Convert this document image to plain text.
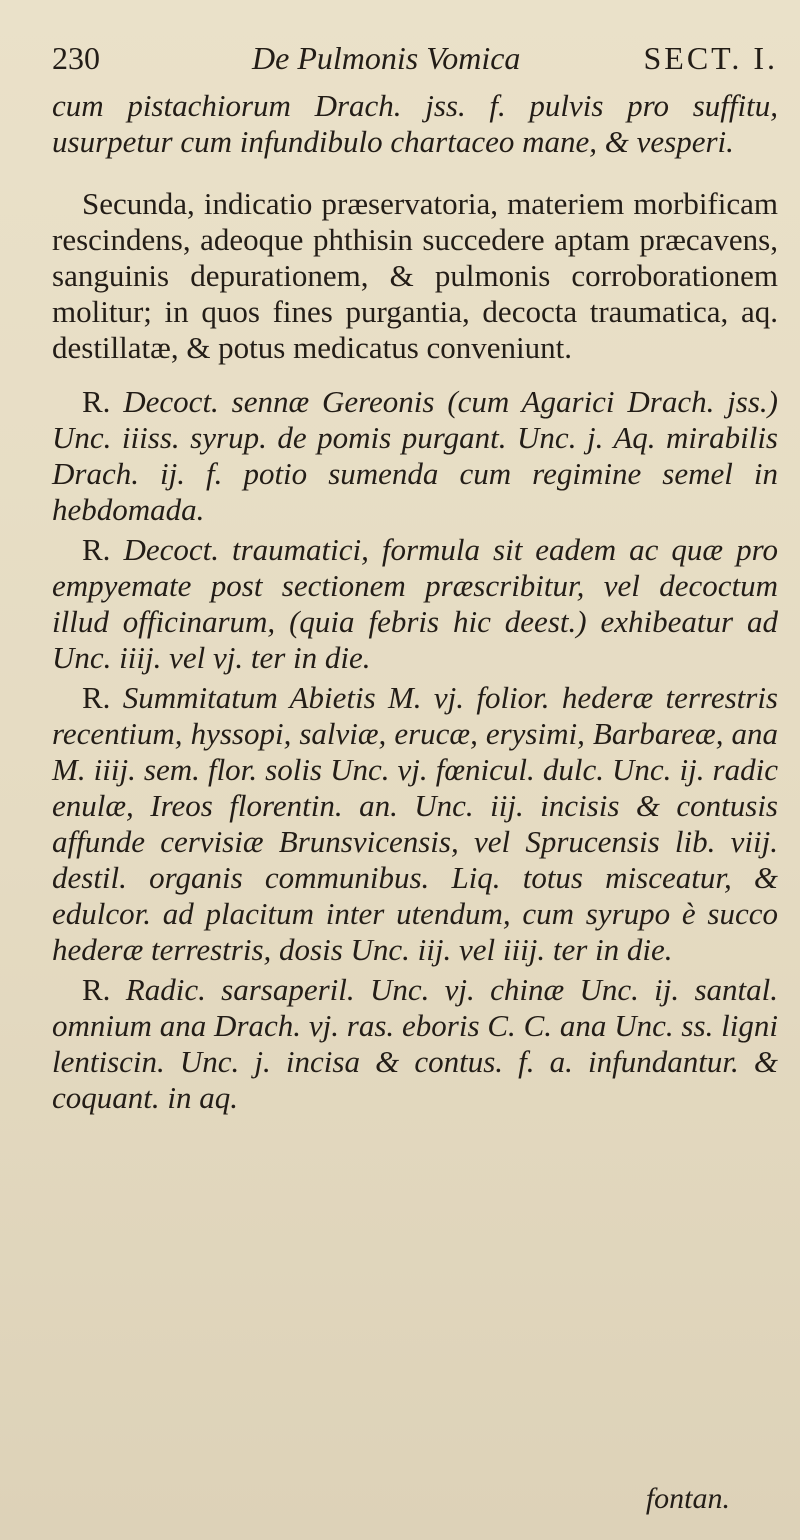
230	De Pulmonis Vomica	SECT. I.

cum pistachiorum Drach. jss. f. pulvis pro suffitu, usurpetur cum infundibulo chartaceo mane, & vesperi.

Secunda, indicatio præservatoria, materiem morbificam rescindens, adeoque phthisin succedere aptam præcavens, sanguinis depurationem, & pulmonis corroborationem molitur; in quos fines purgantia, decocta traumatica, aq. destillatæ, & potus medicatus conveniunt.

R. Decoct. sennæ Gereonis (cum Agarici Drach. jss.) Unc. iiiss. syrup. de pomis purgant. Unc. j. Aq. mirabilis Drach. ij. f. potio sumenda cum regimine semel in hebdomada.

R. Decoct. traumatici, formula sit eadem ac quæ pro empyemate post sectionem præscribitur, vel decoctum illud officinarum, (quia febris hic deest.) exhibeatur ad Unc. iiij. vel vj. ter in die.

R. Summitatum Abietis M. vj. folior. hederæ terrestris recentium, hyssopi, salviæ, erucæ, erysimi, Barbareæ, ana M. iiij. sem. flor. solis Unc. vj. fœnicul. dulc. Unc. ij. radic enulæ, Ireos florentin. an. Unc. iij. incisis & contusis affunde cervisiæ Brunsvicensis, vel Sprucensis lib. viij. destil. organis communibus. Liq. totus misceatur, & edulcor. ad placitum inter utendum, cum syrupo è succo hederæ terrestris, dosis Unc. iij. vel iiij. ter in die.

R. Radic. sarsaperil. Unc. vj. chinæ Unc. ij. santal. omnium ana Drach. vj. ras. eboris C. C. ana Unc. ss. ligni lentiscin. Unc. j. incisa & contus. f. a. infundantur. & coquant. in aq.

fontan.
